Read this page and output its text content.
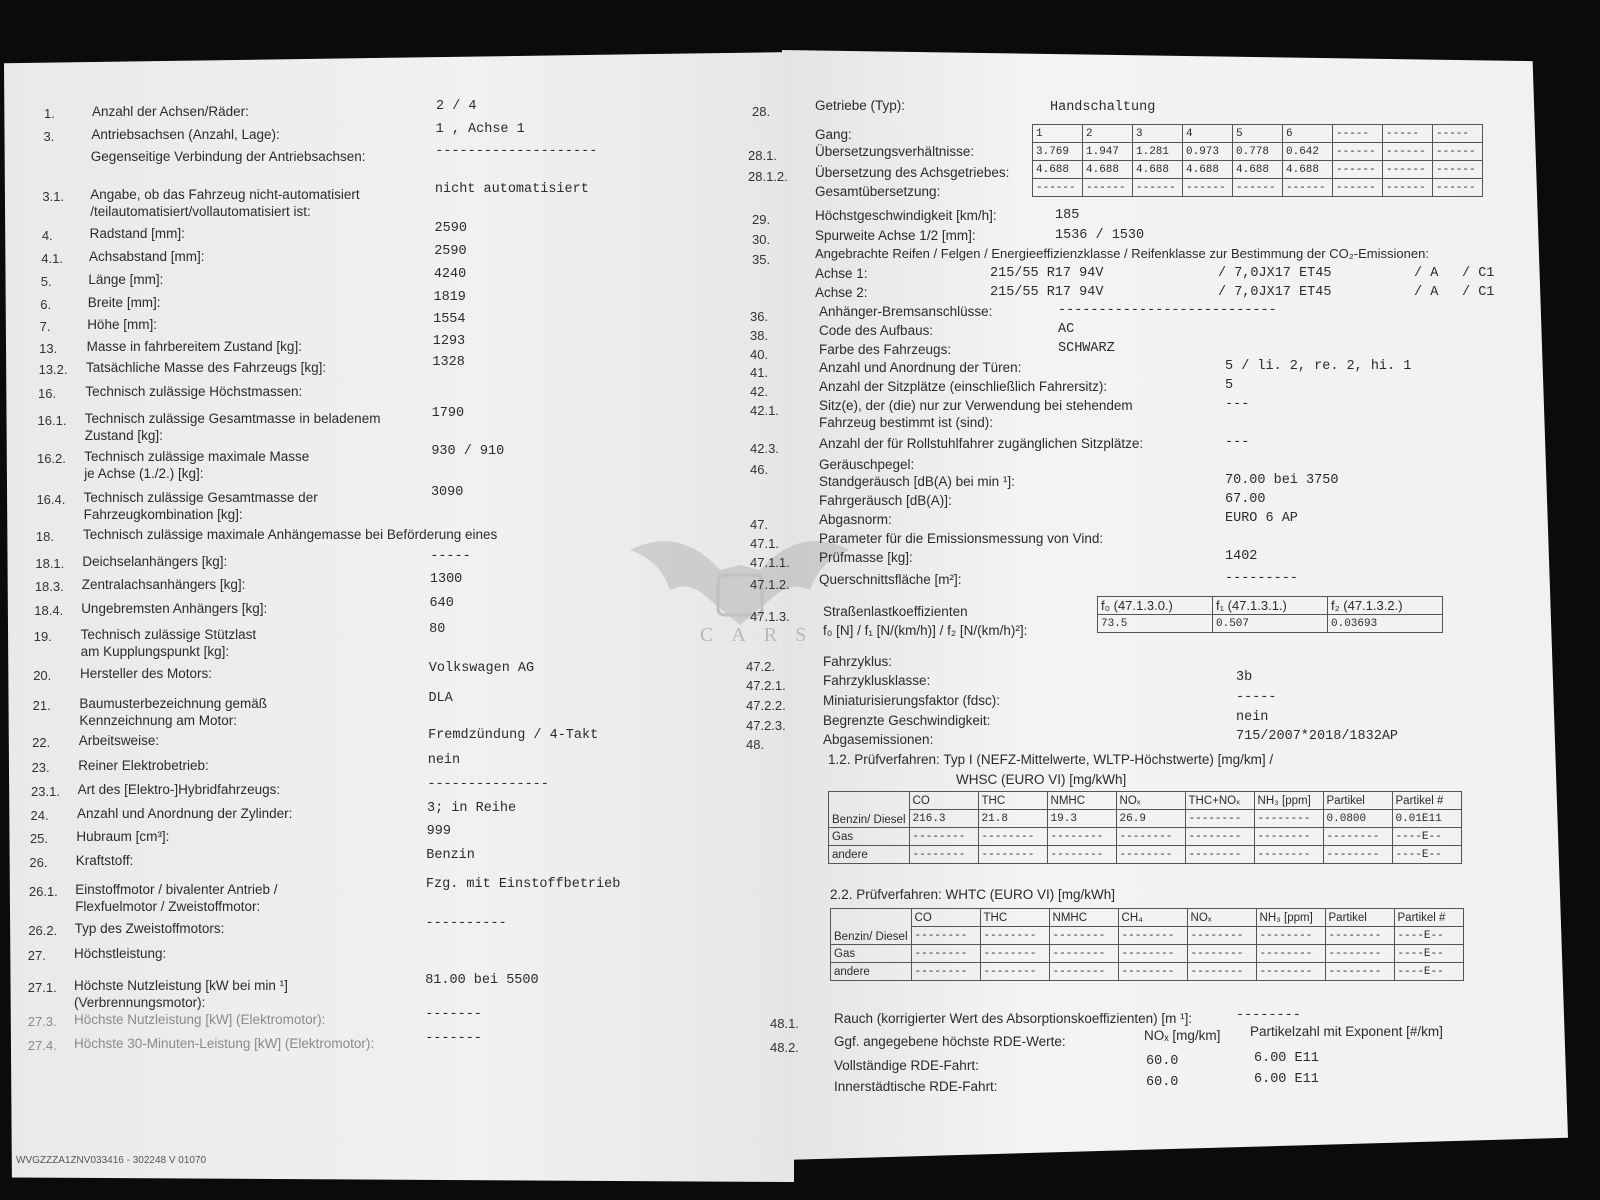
CARS
WVGZZZA1ZNV033416 - 302248 V 01070
1.	Anzahl der Achsen/Räder:	2 / 4
3.	Antriebsachsen (Anzahl, Lage):	1 , Achse 1
Gegenseitige Verbindung der Antriebsachsen:	--------------------
3.1. Angabe, ob das Fahrzeug nicht-automatisiert
/teilautomatisiert/vollautomatisiert ist:
nicht automatisiert
4.	Radstand [mm]:	2590
4.1. Achsabstand [mm]:	2590
5.	Länge [mm]:	4240
6.	Breite [mm]:	1819
7.	Höhe [mm]:	1554
13. Masse in fahrbereitem Zustand [kg]:	1293
13.2. Tatsächliche Masse des Fahrzeugs [kg]:	1328
16. Technisch zulässige Höchstmassen:
16.1. Technisch zulässige Gesamtmasse in beladenem
Zustand [kg]:
1790
16.2. Technisch zulässige maximale Masse
je Achse (1./2.) [kg]:
930 / 910
16.4. Technisch zulässige Gesamtmasse der
Fahrzeugkombination [kg]:
3090
18. Technisch zulässige maximale Anhängemasse bei Beförderung eines
18.1. Deichselanhängers [kg]:	-----
18.3. Zentralachsanhängers [kg]:	1300
18.4. Ungebremsten Anhängers [kg]:	640
19. Technisch zulässige Stützlast
am Kupplungspunkt [kg]:
80
20. Hersteller des Motors:	Volkswagen AG
21. Baumusterbezeichnung gemäß
Kennzeichnung am Motor:
DLA
22. Arbeitsweise:	Fremdzündung / 4-Takt
23. Reiner Elektrobetrieb:	nein
23.1. Art des [Elektro-]Hybridfahrzeugs:	---------------
24. Anzahl und Anordnung der Zylinder:	3; in Reihe
25. Hubraum [cm³]:	999
26. Kraftstoff:	Benzin
26.1. Einstoffmotor / bivalenter Antrieb /
Flexfuelmotor / Zweistoffmotor:
Fzg. mit Einstoffbetrieb
26.2. Typ des Zweistoffmotors:	----------
27. Höchstleistung:
27.1. Höchste Nutzleistung [kW bei min ¹]
(Verbrennungsmotor):
81.00 bei 5500
27.3. Höchste Nutzleistung [kW] (Elektromotor):	-------
27.4. Höchste 30-Minuten-Leistung [kW] (Elektromotor):	-------
28.	Getriebe (Typ):	Handschaltung
Gang:
28.1.	Übersetzungsverhältnisse:
28.1.2. Übersetzung des Achsgetriebes:
Gesamtübersetzung:
1	2	3	4	5	6	-----	-----	-----
3.769	1.947	1.281	0.973	0.778	0.642	------	------	------
4.688	4.688	4.688	4.688	4.688	4.688	------	------	------
------	------	------	------	------	------	------	------	------
29.	Höchstgeschwindigkeit [km/h]:	185
30.	Spurweite Achse 1/2 [mm]:	1536 / 1530
35.	Angebrachte Reifen / Felgen / Energieeffizienzklasse / Reifenklasse zur Bestimmung der CO₂-Emissionen:
Achse 1:	215/55 R17 94V	/ 7,0JX17 ET45	/ A / C1
Achse 2:	215/55 R17 94V	/ 7,0JX17 ET45	/ A / C1
36.	Anhänger-Bremsanschlüsse:	---------------------------
38.	Code des Aufbaus:	AC
40.	Farbe des Fahrzeugs:	SCHWARZ
41.	Anzahl und Anordnung der Türen:	5 / li. 2, re. 2, hi. 1
42.	Anzahl der Sitzplätze (einschließlich Fahrersitz):	5
42.1.	Sitz(e), der (die) nur zur Verwendung bei stehendem
Fahrzeug bestimmt ist (sind):
---
42.3.	Anzahl der für Rollstuhlfahrer zugänglichen Sitzplätze:	---
46.	Geräuschpegel:
Standgeräusch [dB(A) bei min ¹]:	70.00 bei 3750
Fahrgeräusch [dB(A)]:	67.00
47.	Abgasnorm:	EURO 6 AP
47.1.	Parameter für die Emissionsmessung von Vind:
47.1.1. Prüfmasse [kg]:	1402
47.1.2. Querschnittsfläche [m²]:	---------
47.1.3. Straßenlastkoeffizienten
f₀ [N] / f₁ [N/(km/h)] / f₂ [N/(km/h)²]:
f₀ (47.1.3.0.)	f₁ (47.1.3.1.)	f₂ (47.1.3.2.)
73.5	0.507	0.03693
47.2.	Fahrzyklus:
47.2.1.	Fahrzyklusklasse:	3b
47.2.2.	Miniaturisierungsfaktor (fdsc):	-----
47.2.3.	Begrenzte Geschwindigkeit:	nein
48.	Abgasemissionen:	715/2007*2018/1832AP
1.2. Prüfverfahren: Typ I (NEFZ-Mittelwerte, WLTP-Höchstwerte) [mg/km] /
WHSC (EURO VI) [mg/kWh]
Benzin/ Diesel	CO	THC	NMHC	NOₓ	THC+NOₓ	NH₃ [ppm]	Partikel	Partikel #
	216.3	21.8	19.3	26.9	--------	--------	0.0800	0.01E11
Gas	--------	--------	--------	--------	--------	--------	--------	----E--
andere	--------	--------	--------	--------	--------	--------	--------	----E--
2.2. Prüfverfahren: WHTC (EURO VI) [mg/kWh]
Benzin/ Diesel	CO	THC	NMHC	CH₄	NOₓ	NH₃ [ppm]	Partikel	Partikel #
	--------	--------	--------	--------	--------	--------	--------	----E--
Gas	--------	--------	--------	--------	--------	--------	--------	----E--
andere	--------	--------	--------	--------	--------	--------	--------	----E--
48.1.	Rauch (korrigierter Wert des Absorptionskoeffizienten) [m ¹]:	--------
48.2.	Ggf. angegebene höchste RDE-Werte:	NOₓ [mg/km] Partikelzahl mit Exponent [#/km]
Vollständige RDE-Fahrt:	60.0	6.00 E11
Innerstädtische RDE-Fahrt:	60.0	6.00 E11
